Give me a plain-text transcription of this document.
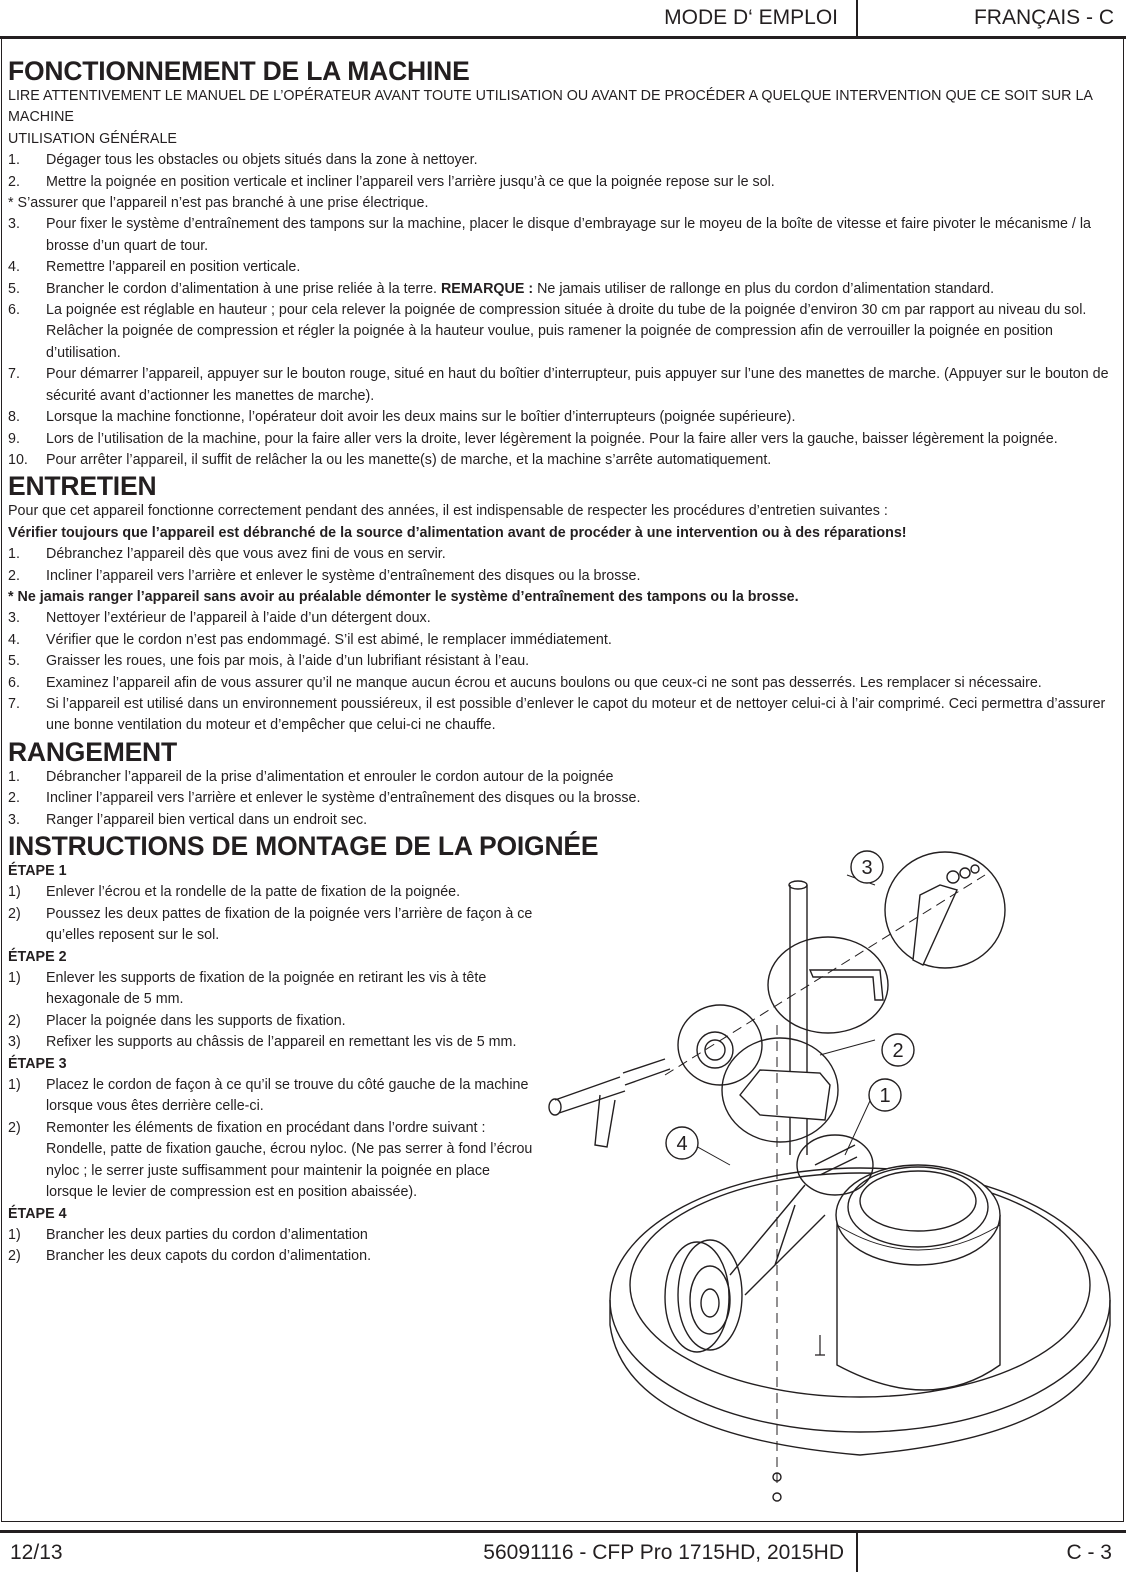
MODE D‘ EMPLOI	FRANÇAIS - C
FONCTIONNEMENT DE LA MACHINE
LIRE ATTENTIVEMENT LE MANUEL DE L’OPÉRATEUR AVANT TOUTE UTILISATION OU AVANT DE PROCÉDER A QUELQUE INTERVENTION QUE CE SOIT SUR LA MACHINE
UTILISATION GÉNÉRALE
1. Dégager tous les obstacles ou objets situés dans la zone à nettoyer.
2. Mettre la poignée en position verticale et incliner l’appareil vers l’arrière jusqu’à ce que la poignée repose sur le sol.
* S’assurer que l’appareil n’est pas branché à une prise électrique.
3. Pour fixer le système d’entraînement des tampons sur la machine, placer le disque d’embrayage sur le moyeu de la boîte de vitesse et faire pivoter le mécanisme / la brosse d’un quart de tour.
4. Remettre l’appareil en position verticale.
5. Brancher le cordon d’alimentation à une prise reliée à la terre. REMARQUE : Ne jamais utiliser de rallonge en plus du cordon d’alimentation standard.
6. La poignée est réglable en hauteur ; pour cela relever la poignée de compression située à droite du tube de la poignée d’environ 30 cm par rapport au niveau du sol. Relâcher la poignée de compression et régler la poignée à la hauteur voulue, puis ramener la poignée de compression afin de verrouiller la poignée en position d’utilisation.
7. Pour démarrer l’appareil, appuyer sur le bouton rouge, situé en haut du boîtier d’interrupteur, puis appuyer sur l’une des manettes de marche. (Appuyer sur le bouton de sécurité avant d’actionner les manettes de marche).
8. Lorsque la machine fonctionne, l’opérateur doit avoir les deux mains sur le boîtier d’interrupteurs (poignée supérieure).
9. Lors de l’utilisation de la machine, pour la faire aller vers la droite, lever légèrement la poignée. Pour la faire aller vers la gauche, baisser légèrement la poignée.
10. Pour arrêter l’appareil, il suffit de relâcher la ou les manette(s) de marche, et la machine s’arrête automatiquement.
ENTRETIEN
Pour que cet appareil fonctionne correctement pendant des années, il est indispensable de respecter les procédures d’entretien suivantes :
Vérifier toujours que l’appareil est débranché de la source d’alimentation avant de procéder à une intervention ou à des réparations!
1. Débranchez l’appareil dès que vous avez fini de vous en servir.
2. Incliner l’appareil vers l’arrière et enlever le système d’entraînement des disques ou la brosse.
* Ne jamais ranger l’appareil sans avoir au préalable démonter le système d’entraînement des tampons ou la brosse.
3. Nettoyer l’extérieur de l’appareil à l’aide d’un détergent doux.
4. Vérifier que le cordon n’est pas endommagé. S’il est abimé, le remplacer immédiatement.
5. Graisser les roues, une fois par mois, à l’aide d’un lubrifiant résistant à l’eau.
6. Examinez l’appareil afin de vous assurer qu’il ne manque aucun écrou et aucuns boulons ou que ceux-ci ne sont pas desserrés. Les remplacer si nécessaire.
7. Si l’appareil est utilisé dans un environnement poussiéreux, il est possible d’enlever le capot du moteur et de nettoyer celui-ci à l’air comprimé. Ceci permettra d’assurer une bonne ventilation du moteur et d’empêcher que celui-ci ne chauffe.
RANGEMENT
1. Débrancher l’appareil de la prise d’alimentation et enrouler le cordon autour de la poignée
2. Incliner l’appareil vers l’arrière et enlever le système d’entraînement des disques ou la brosse.
3. Ranger l’appareil bien vertical dans un endroit sec.
INSTRUCTIONS DE MONTAGE DE LA POIGNÉE
ÉTAPE 1
1) Enlever l’écrou et la rondelle de la patte de fixation de la poignée.
2) Poussez les deux pattes de fixation de la poignée vers l’arrière de façon à ce qu’elles reposent sur le sol.
ÉTAPE 2
1) Enlever les supports de fixation de la poignée en retirant les vis à tête hexagonale de 5 mm.
2) Placer la poignée dans les supports de fixation.
3) Refixer les supports au châssis de l’appareil en remettant les vis de 5 mm.
ÉTAPE 3
1) Placez le cordon de façon à ce qu’il se trouve du côté gauche de la machine lorsque vous êtes derrière celle-ci.
2) Remonter les éléments de fixation en procédant dans l’ordre suivant : Rondelle, patte de fixation gauche, écrou nyloc. (Ne pas serrer à fond l’écrou nyloc ; le serrer juste suffisamment pour maintenir la poignée en place lorsque le levier de compression est en position abaissée).
ÉTAPE 4
1) Brancher les deux parties du cordon d’alimentation
2) Brancher les deux capots du cordon d’alimentation.
3
2
1
4
12/13	56091116 - CFP Pro 1715HD, 2015HD	C - 3
